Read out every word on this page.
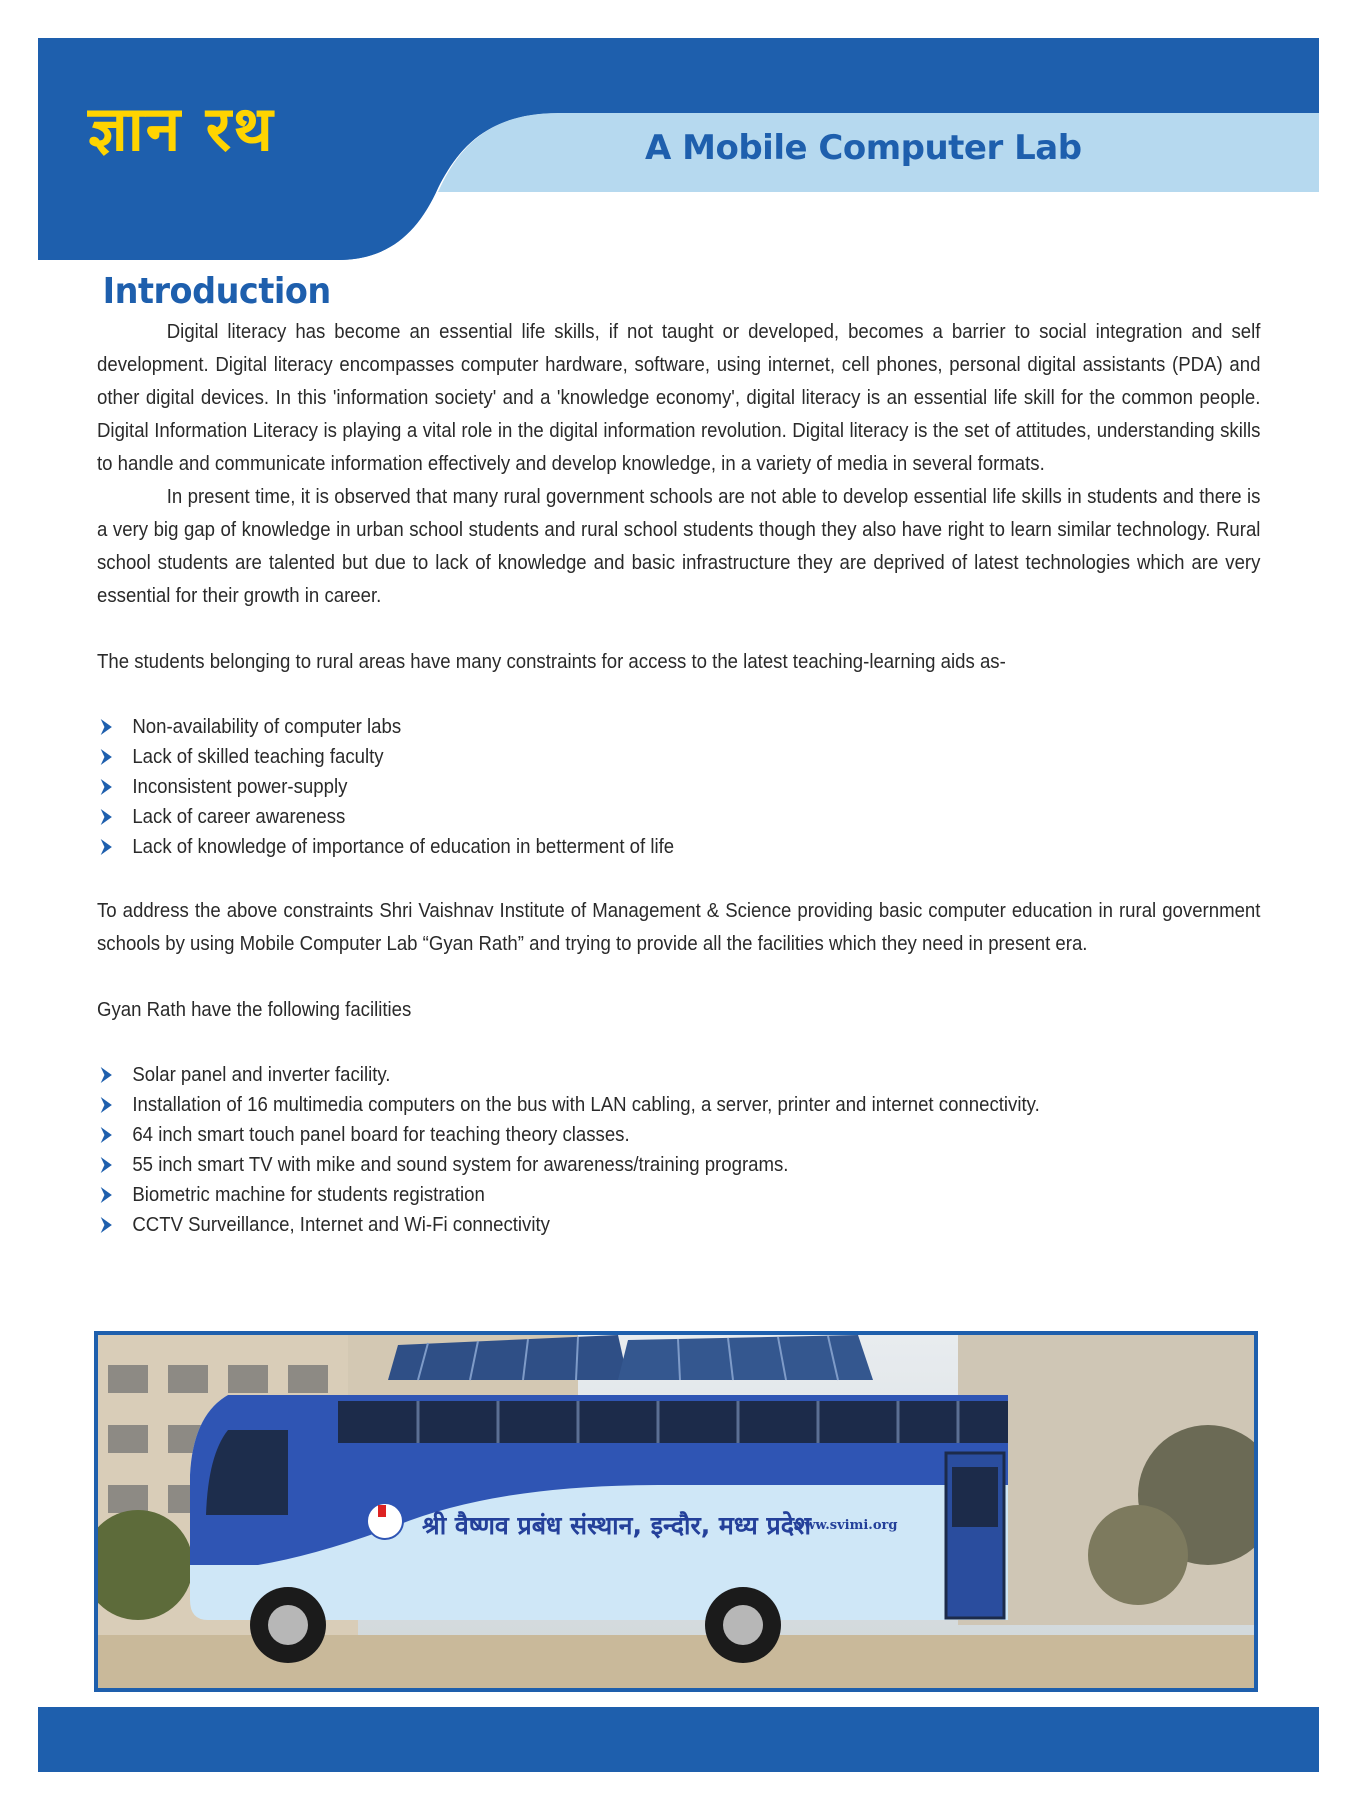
ज्ञान रथ	A Mobile Computer Lab
Introduction

Digital literacy has become an essential life skills, if not taught or developed, becomes a barrier to social integration and self development. Digital literacy encompasses computer hardware, software, using internet, cell phones, personal digital assistants (PDA) and other digital devices. In this 'information society' and a 'knowledge economy', digital literacy is an essential life skill for the common people. Digital Information Literacy is playing a vital role in the digital information revolution. Digital literacy is the set of attitudes, understanding skills to handle and communicate information effectively and develop knowledge, in a variety of media in several formats.

In present time, it is observed that many rural government schools are not able to develop essential life skills in students and there is a very big gap of knowledge in urban school students and rural school students though they also have right to learn similar technology. Rural school students are talented but due to lack of knowledge and basic infrastructure they are deprived of latest technologies which are very essential for their growth in career.

The students belonging to rural areas have many constraints for access to the latest teaching-learning aids as-

Non-availability of computer labs
Lack of skilled teaching faculty
Inconsistent power-supply
Lack of career awareness
Lack of knowledge of importance of education in betterment of life

To address the above constraints Shri Vaishnav Institute of Management & Science providing basic computer education in rural government schools by using Mobile Computer Lab “Gyan Rath” and trying to provide all the facilities which they need in present era.

Gyan Rath have the following facilities

Solar panel and inverter facility.
Installation of 16 multimedia computers on the bus with LAN cabling, a server, printer and internet connectivity.
64 inch smart touch panel board for teaching theory classes.
55 inch smart TV with mike and sound system for awareness/training programs.
Biometric machine for students registration
CCTV Surveillance, Internet and Wi-Fi connectivity
श्री वैष्णव प्रबंध संस्थान, इन्दौर, मध्य प्रदेश
www.svimi.org
